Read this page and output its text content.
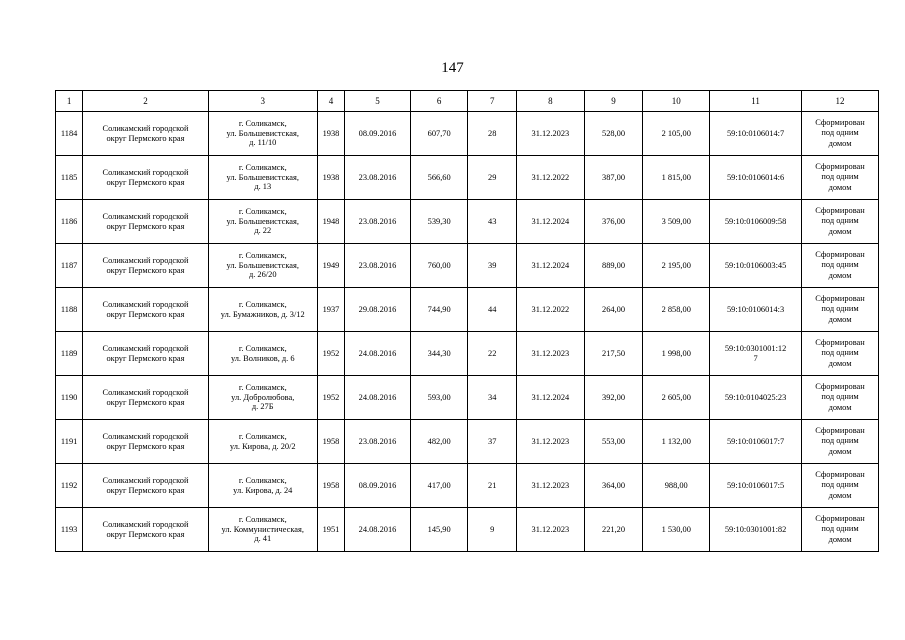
147
1	2	3	4	5	6	7	8	9	10	11	12
1184	Соликамский городской
округ Пермского края	г. Соликамск,
ул. Большевистская,
д. 11/10	1938	08.09.2016	607,70	28	31.12.2023	528,00	2 105,00	59:10:0106014:7	Сформирован
под одним
домом
1185	Соликамский городской
округ Пермского края	г. Соликамск,
ул. Большевистская,
д. 13	1938	23.08.2016	566,60	29	31.12.2022	387,00	1 815,00	59:10:0106014:6	Сформирован
под одним
домом
1186	Соликамский городской
округ Пермского края	г. Соликамск,
ул. Большевистская,
д. 22	1948	23.08.2016	539,30	43	31.12.2024	376,00	3 509,00	59:10:0106009:58	Сформирован
под одним
домом
1187	Соликамский городской
округ Пермского края	г. Соликамск,
ул. Большевистская,
д. 26/20	1949	23.08.2016	760,00	39	31.12.2024	889,00	2 195,00	59:10:0106003:45	Сформирован
под одним
домом
1188	Соликамский городской
округ Пермского края	г. Соликамск,
ул. Бумажников, д. 3/12	1937	29.08.2016	744,90	44	31.12.2022	264,00	2 858,00	59:10:0106014:3	Сформирован
под одним
домом
1189	Соликамский городской
округ Пермского края	г. Соликамск,
ул. Волников, д. 6	1952	24.08.2016	344,30	22	31.12.2023	217,50	1 998,00	59:10:0301001:12
7	Сформирован
под одним
домом
1190	Соликамский городской
округ Пермского края	г. Соликамск,
ул. Добролюбова,
д. 27Б	1952	24.08.2016	593,00	34	31.12.2024	392,00	2 605,00	59:10:0104025:23	Сформирован
под одним
домом
1191	Соликамский городской
округ Пермского края	г. Соликамск,
ул. Кирова, д. 20/2	1958	23.08.2016	482,00	37	31.12.2023	553,00	1 132,00	59:10:0106017:7	Сформирован
под одним
домом
1192	Соликамский городской
округ Пермского края	г. Соликамск,
ул. Кирова, д. 24	1958	08.09.2016	417,00	21	31.12.2023	364,00	988,00	59:10:0106017:5	Сформирован
под одним
домом
1193	Соликамский городской
округ Пермского края	г. Соликамск,
ул. Коммунистическая,
д. 41	1951	24.08.2016	145,90	9	31.12.2023	221,20	1 530,00	59:10:0301001:82	Сформирован
под одним
домом
